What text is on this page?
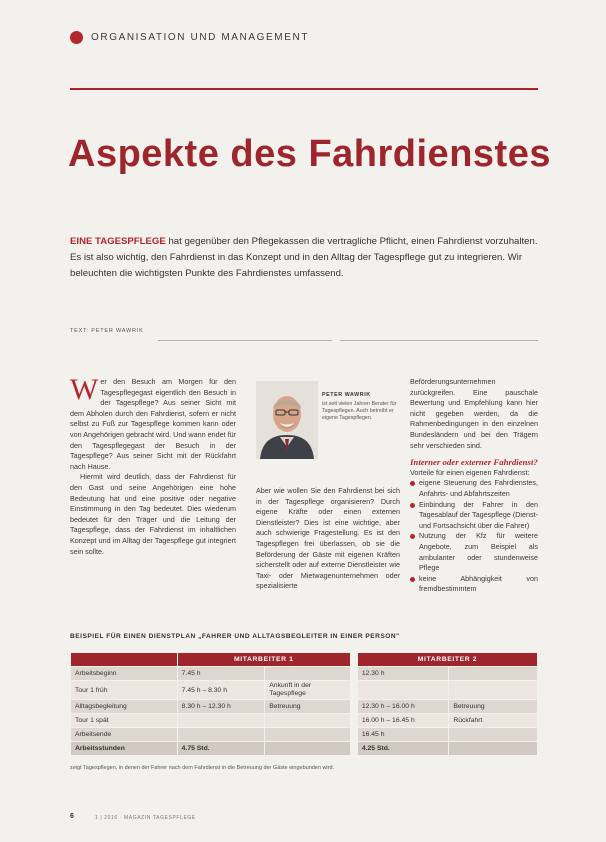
ORGANISATION UND MANAGEMENT
Aspekte des Fahrdienstes
EINE TAGESPFLEGE hat gegenüber den Pflegekassen die vertragliche Pflicht, einen Fahrdienst vorzuhalten. Es ist also wichtig, den Fahrdienst in das Konzept und in den Alltag der Tagespflege gut zu integrieren. Wir beleuchten die wichtigsten Punkte des Fahrdienstes umfassend.
TEXT: PETER WAWRIK

Wer den Besuch am Morgen für den Tagespflegegast eigentlich den Besuch in der Tagespflege? Aus seiner Sicht mit dem Abholen durch den Fahrdienst, sofern er nicht selbst zu Fuß zur Tagespflege kommen kann oder von Angehörigen gebracht wird. Und wann endet für den Tagespflegegast der Besuch in der Tagespflege? Aus seiner Sicht mit der Rückfahrt nach Hause.

Hiermit wird deutlich, dass der Fahrdienst für den Gast und seine Angehörigen eine hohe Bedeutung hat und eine positive oder negative Einstimmung in den Tag bedeutet. Dies wiederum bedeutet für den Träger und die Leitung der Tagespflege, dass der Fahrdienst im inhaltlichen Konzept und im Alltag der Tagespflege gut integriert sein sollte.

PETER WAWRIK
ist seit vielen Jahren Berater für Tagespflegen. Auch betreibt er eigene Tagespflegen.

Aber wie wollen Sie den Fahrdienst bei sich in der Tagespflege organisieren? Durch eigene Kräfte oder einen externen Dienstleister? Dies ist eine wichtige, aber auch schwierige Fragestellung. Es ist den Tagespflegen frei überlassen, ob sie die Beförderung der Gäste mit eigenen Kräften sicherstellt oder auf externe Dienstleister wie Taxi- oder Mietwagenunternehmen oder spezialisierte

Beförderungsunternehmen zurückgreifen. Eine pauschale Bewertung und Empfehlung kann hier nicht gegeben werden, da die Rahmenbedingungen in den einzelnen Bundesländern und bei den Trägern sehr verschieden sind.

Interner oder externer Fahrdienst?

Vorteile für einen eigenen Fahrdienst:

eigene Steuerung des Fahrdienstes, Anfahrts- und Abfahrtszeiten
Einbindung der Fahrer in den Tagesablauf der Tagespflege (Dienst- und Fortsachsicht über die Fahrer)
Nutzung der Kfz für weitere Angebote, zum Beispiel als ambulanter oder stundenweise Pflege
keine Abhängigkeit von fremdbestimmtem
BEISPIEL FÜR EINEN DIENSTPLAN „FAHRER UND ALLTAGSBEGLEITER IN EINER PERSON"
	MITARBEITER 1			MITARBEITER 2	
Arbeitsbeginn	7.45 h			12.30 h	
Tour 1 früh	7.45 h – 8.30 h	Ankunft in der Tagespflege			
Alltagsbegleitung	8.30 h – 12.30 h	Betreuung		12.30 h – 16.00 h	Betreuung
Tour 1 spät				16.00 h – 16.45 h	Rückfahrt
Arbeitsende				16.45 h	
Arbeitsstunden	4.75 Std.			4.25 Std.	
zeigt Tagespflegen, in denen der Fahrer nach dem Fahrdienst in die Betreuung der Gäste eingebunden wird.
6	1 | 2016 · MAGAZIN TAGESPFLEGE
